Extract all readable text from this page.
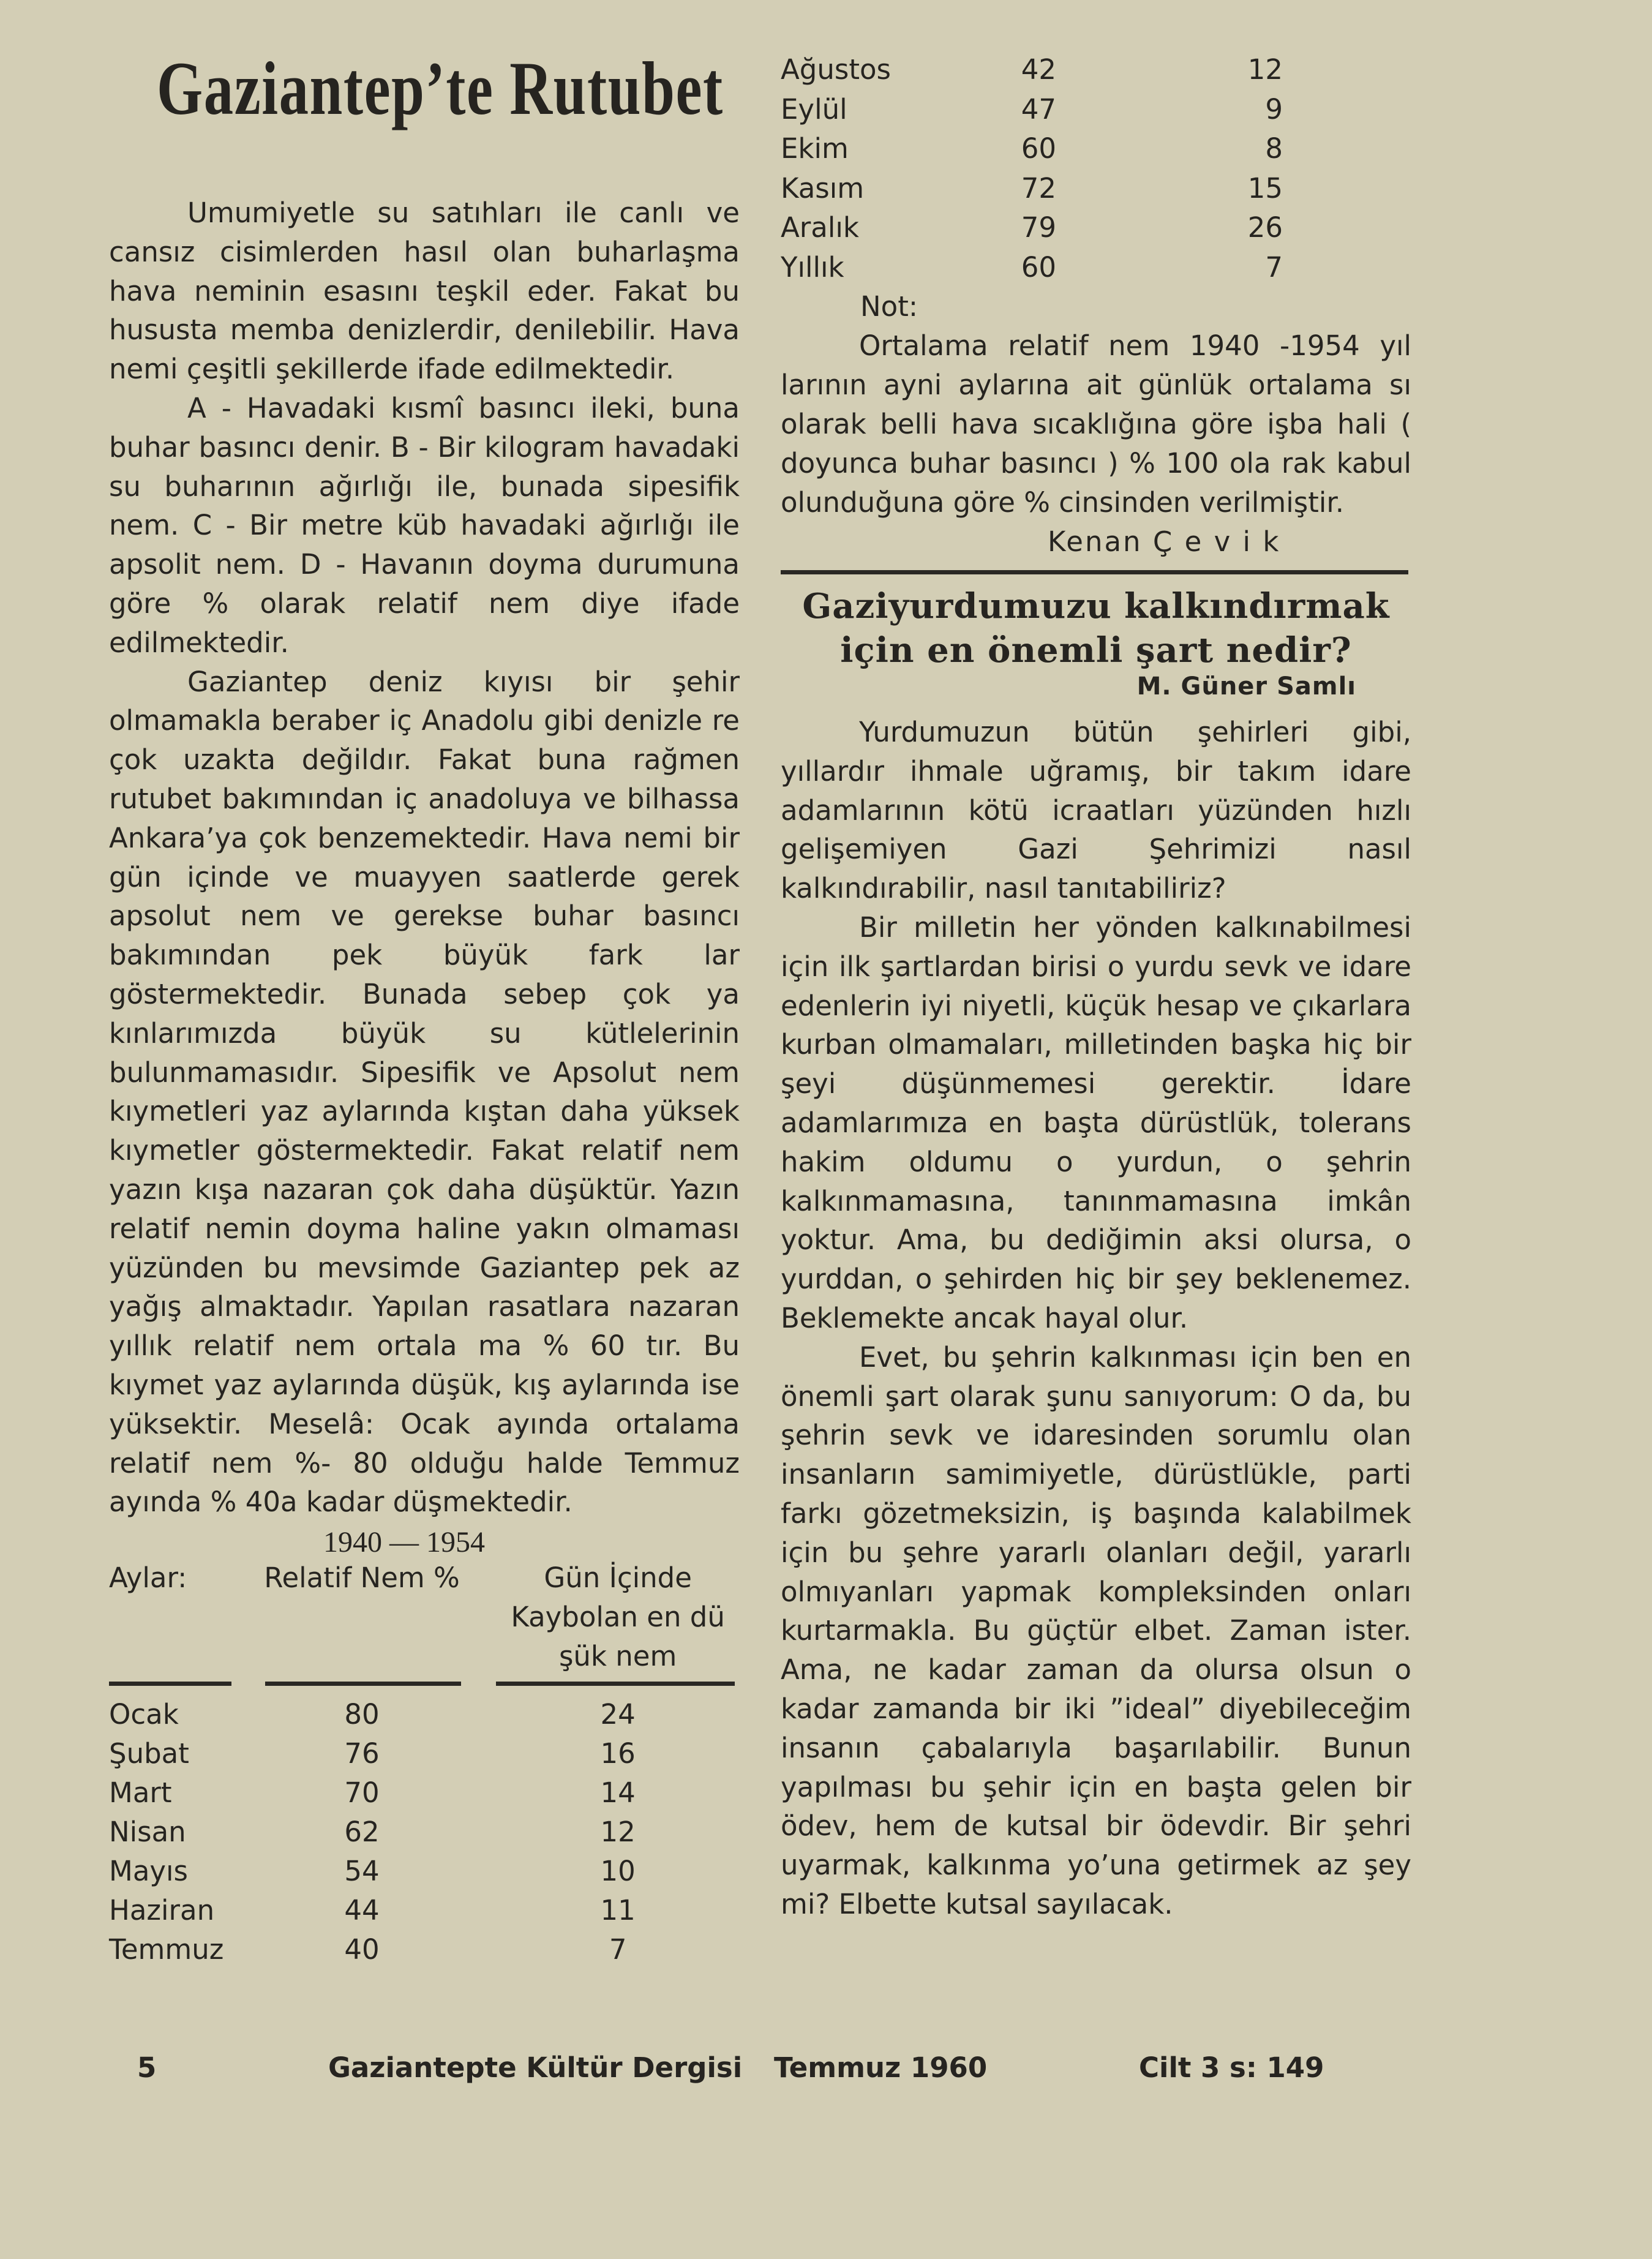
Gaziantep’te Rutubet

Umumiyetle su satıhları ile canlı ve cansız cisimlerden hasıl olan buharlaşma hava neminin esasını teşkil eder. Fakat bu hususta memba denizlerdir, denilebilir. Hava nemi çeşitli şekillerde ifade edilmektedir.

A - Havadaki kısmî basıncı ileki, buna buhar basıncı denir. B - Bir kilogram havadaki su buharının ağırlığı ile, bunada sipesifik nem. C - Bir metre küb havadaki ağırlığı ile apsolit nem. D - Havanın doyma durumuna göre % olarak relatif nem diye ifade edilmektedir.

Gaziantep deniz kıyısı bir şehir olmamakla beraber iç Anadolu gibi denizle re çok uzakta değildır. Fakat buna rağmen rutubet bakımından iç anadoluya ve bilhassa Ankara’ya çok benzemektedir. Hava nemi bir gün içinde ve muayyen saatlerde gerek apsolut nem ve gerekse buhar basıncı bakımından pek büyük fark lar göstermektedir. Bunada sebep çok ya kınlarımızda büyük su kütlelerinin bulunmamasıdır. Sipesifik ve Apsolut nem kıymetleri yaz aylarında kıştan daha yüksek kıymetler göstermektedir. Fakat relatif nem yazın kışa nazaran çok daha düşüktür. Yazın relatif nemin doyma haline yakın olmaması yüzünden bu mevsimde Gaziantep pek az yağış almaktadır. Yapılan rasatlara nazaran yıllık relatif nem ortala ma % 60 tır. Bu kıymet yaz aylarında düşük, kış aylarında ise yüksektir. Meselâ: Ocak ayında ortalama relatif nem %- 80 olduğu halde Temmuz ayında % 40a kadar düşmektedir.

1940 — 1954
Aylar:	Relatif Nem %		Gün İçinde
			Kaybolan en dü
			şük nem

Ocak	80		24
Şubat	76		16
Mart	70		14
Nisan	62		12
Mayıs	54		10
Haziran	44		11
Temmuz	40		7
Ağustos	42	12
Eylül	47	9
Ekim	60	8
Kasım	72	15
Aralık	79	26
Yıllık	60	7
Not:
Ortalama relatif nem 1940 -1954 yıl larının ayni aylarına ait günlük ortalama sı olarak belli hava sıcaklığına göre işba hali ( doyunca buhar basıncı ) % 100 ola rak kabul olunduğuna göre % cinsinden verilmiştir.
Kenan Ç e v i k
Gaziyurdumuzu kalkındırmak
için en önemli şart nedir?
M. Güner Samlı

Yurdumuzun bütün şehirleri gibi, yıllardır ihmale uğramış, bir takım idare adamlarının kötü icraatları yüzünden hızlı gelişemiyen Gazi Şehrimizi nasıl kalkındırabilir, nasıl tanıtabiliriz?

Bir milletin her yönden kalkınabilmesi için ilk şartlardan birisi o yurdu sevk ve idare edenlerin iyi niyetli, küçük hesap ve çıkarlara kurban olmamaları, milletinden başka hiç bir şeyi düşünmemesi gerektir. İdare adamlarımıza en başta dürüstlük, tolerans hakim oldumu o yurdun, o şehrin kalkınmamasına, tanınmamasına imkân yoktur. Ama, bu dediğimin aksi olursa, o yurddan, o şehirden hiç bir şey beklenemez. Beklemekte ancak hayal olur.

Evet, bu şehrin kalkınması için ben en önemli şart olarak şunu sanıyorum: O da, bu şehrin sevk ve idaresinden sorumlu olan insanların samimiyetle, dürüstlükle, parti farkı gözetmeksizin, iş başında kalabilmek için bu şehre yararlı olanları değil, yararlı olmıyanları yapmak kompleksinden onları kurtarmakla. Bu güçtür elbet. Zaman ister. Ama, ne kadar zaman da olursa olsun o kadar zamanda bir iki ”ideal” diyebileceğim insanın çabalarıyla başarılabilir. Bunun yapılması bu şehir için en başta gelen bir ödev, hem de kutsal bir ödevdir. Bir şehri uyarmak, kalkınma yo’una getirmek az şey mi? Elbette kutsal sayılacak.

5	Gaziantepte Kültür Dergisi Temmuz 1960	Cilt 3 s: 149
